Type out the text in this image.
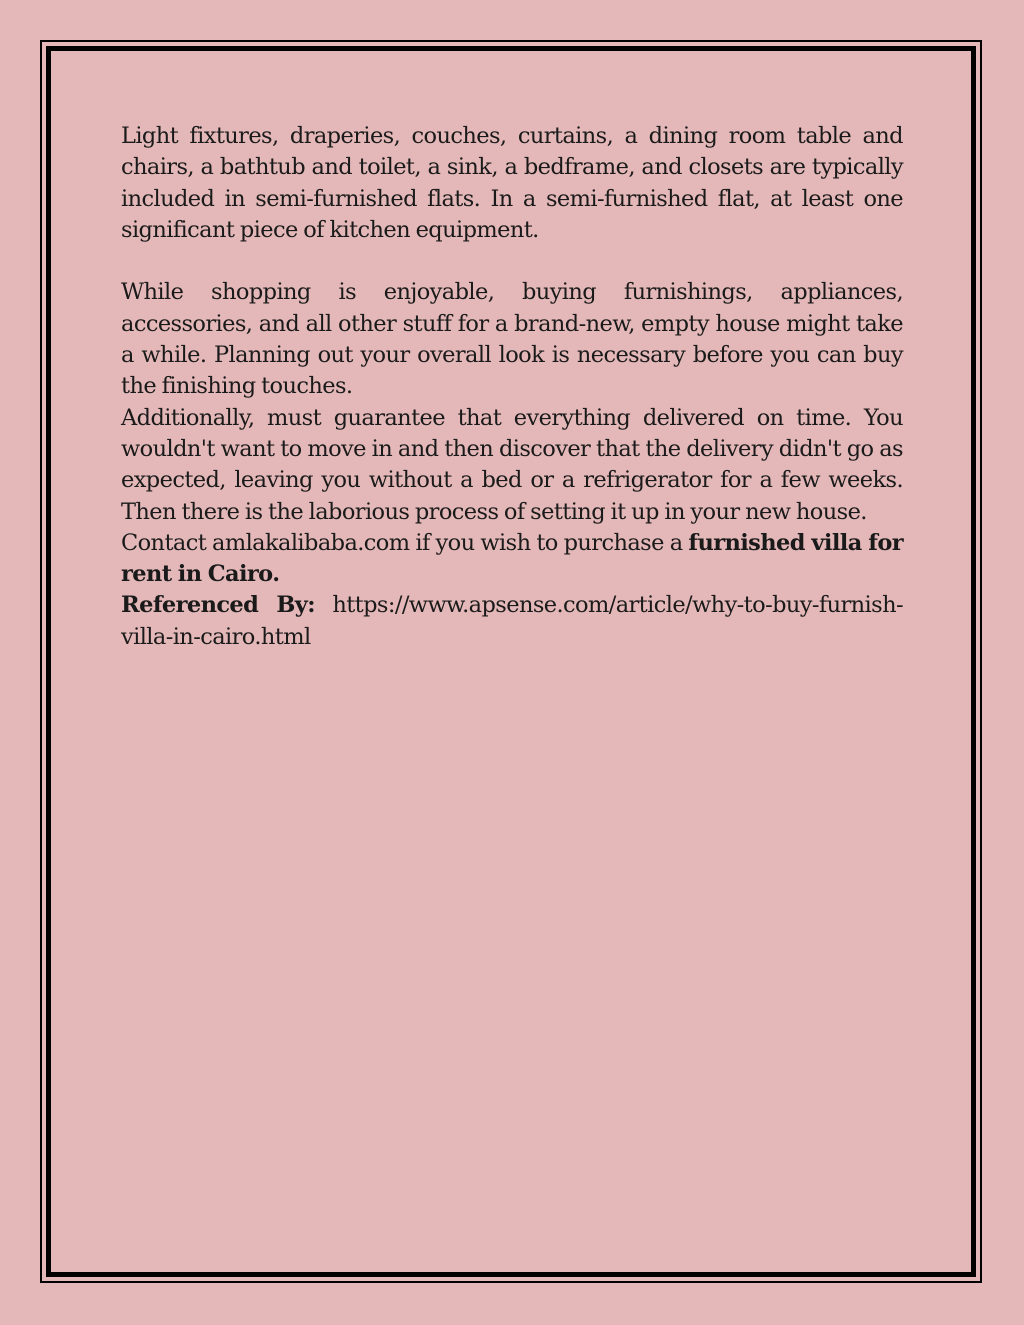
Light fixtures, draperies, couches, curtains, a dining room table and chairs, a bathtub and toilet, a sink, a bedframe, and closets are typically included in semi-furnished flats. In a semi-furnished flat, at least one significant piece of kitchen equipment.

While shopping is enjoyable, buying furnishings, appliances, accessories, and all other stuff for a brand-new, empty house might take a while. Planning out your overall look is necessary before you can buy the finishing touches.

Additionally, must guarantee that everything delivered on time. You wouldn't want to move in and then discover that the delivery didn't go as expected, leaving you without a bed or a refrigerator for a few weeks. Then there is the laborious process of setting it up in your new house.

Contact amlakalibaba.com if you wish to purchase a furnished villa for rent in Cairo.

Referenced By: https://www.apsense.com/article/why-to-buy-furnish-villa-in-cairo.html
